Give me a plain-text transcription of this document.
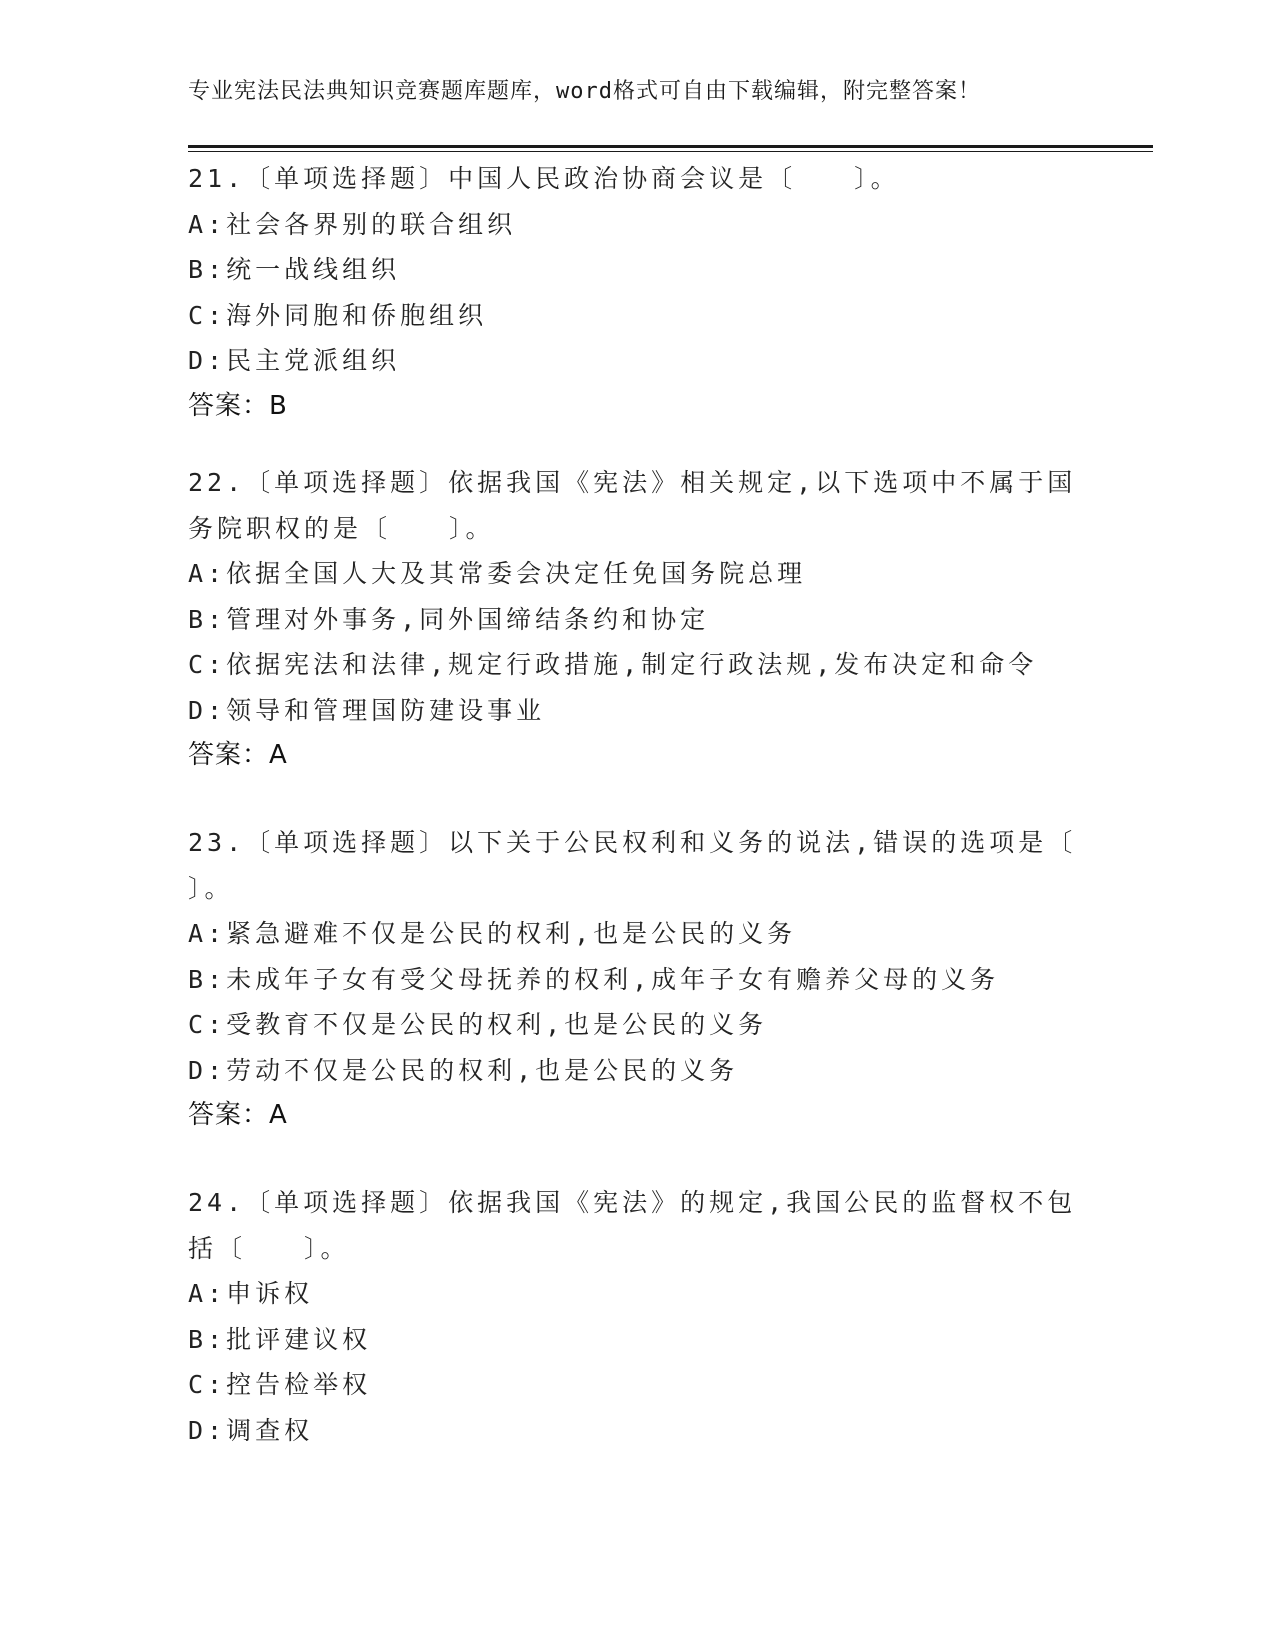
专业宪法民法典知识竞赛题库题库，word格式可自由下载编辑，附完整答案！
21.〔单项选择题〕中国人民政治协商会议是〔　　〕。
A:社会各界别的联合组织
B:统一战线组织
C:海外同胞和侨胞组织
D:民主党派组织
答案：B
22.〔单项选择题〕依据我国《宪法》相关规定,以下选项中不属于国
务院职权的是〔　　〕。
A:依据全国人大及其常委会决定任免国务院总理
B:管理对外事务,同外国缔结条约和协定
C:依据宪法和法律,规定行政措施,制定行政法规,发布决定和命令
D:领导和管理国防建设事业
答案：A
23.〔单项选择题〕以下关于公民权利和义务的说法,错误的选项是〔
〕。
A:紧急避难不仅是公民的权利,也是公民的义务
B:未成年子女有受父母抚养的权利,成年子女有赡养父母的义务
C:受教育不仅是公民的权利,也是公民的义务
D:劳动不仅是公民的权利,也是公民的义务
答案：A
24.〔单项选择题〕依据我国《宪法》的规定,我国公民的监督权不包
括〔　　〕。
A:申诉权
B:批评建议权
C:控告检举权
D:调查权
